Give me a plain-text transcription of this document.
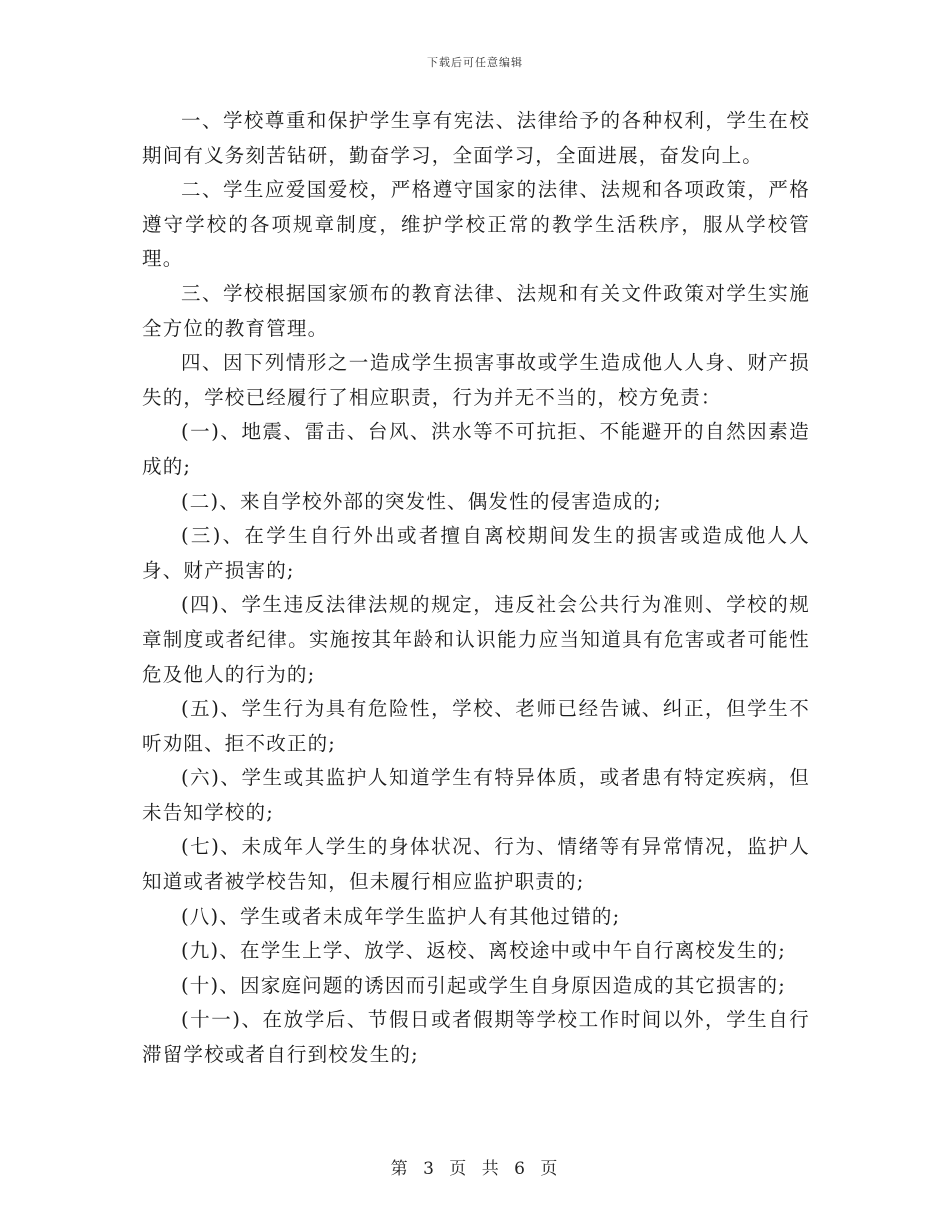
下载后可任意编辑

一、学校尊重和保护学生享有宪法、法律给予的各种权利，学生在校期间有义务刻苦钻研，勤奋学习，全面学习，全面进展，奋发向上。

二、学生应爱国爱校，严格遵守国家的法律、法规和各项政策，严格遵守学校的各项规章制度，维护学校正常的教学生活秩序，服从学校管理。

三、学校根据国家颁布的教育法律、法规和有关文件政策对学生实施全方位的教育管理。

四、因下列情形之一造成学生损害事故或学生造成他人人身、财产损失的，学校已经履行了相应职责，行为并无不当的，校方免责：

(一)、地震、雷击、台风、洪水等不可抗拒、不能避开的自然因素造成的;

(二)、来自学校外部的突发性、偶发性的侵害造成的;

(三)、在学生自行外出或者擅自离校期间发生的损害或造成他人人身、财产损害的;

(四)、学生违反法律法规的规定，违反社会公共行为准则、学校的规章制度或者纪律。实施按其年龄和认识能力应当知道具有危害或者可能性危及他人的行为的;

(五)、学生行为具有危险性，学校、老师已经告诫、纠正，但学生不听劝阻、拒不改正的;

(六)、学生或其监护人知道学生有特异体质，或者患有特定疾病，但未告知学校的;

(七)、未成年人学生的身体状况、行为、情绪等有异常情况，监护人知道或者被学校告知，但未履行相应监护职责的;

(八)、学生或者未成年学生监护人有其他过错的;

(九)、在学生上学、放学、返校、离校途中或中午自行离校发生的;

(十)、因家庭问题的诱因而引起或学生自身原因造成的其它损害的;

(十一)、在放学后、节假日或者假期等学校工作时间以外，学生自行滞留学校或者自行到校发生的;

第 3 页 共 6 页
